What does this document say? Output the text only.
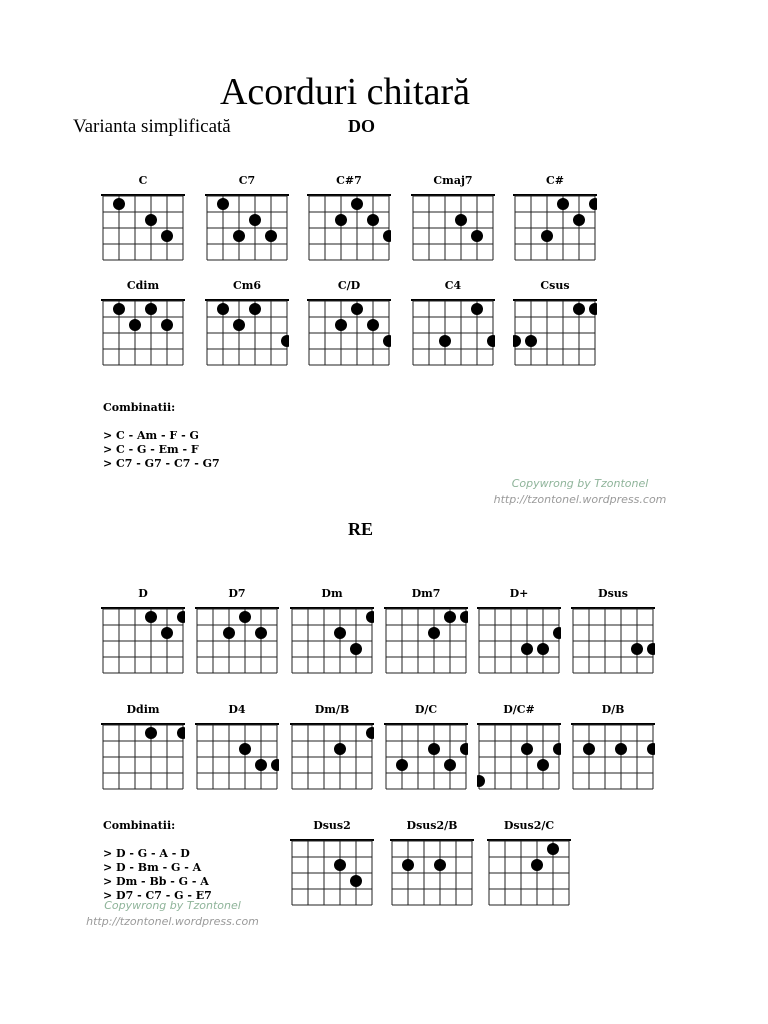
Acorduri chitară
Varianta simplificată	DO
RE
C	C7	C#7	Cmaj7	C#
Cdim	Cm6	C/D	C4	Csus
D	D7	Dm	Dm7	D+	Dsus
Ddim	D4	Dm/B	D/C	D/C#	D/B
Dsus2	Dsus2/B	Dsus2/C
Combinatii:
> C - Am - F - G
> C - G - Em - F
> C7 - G7 - C7 - G7
Copywrong by Tzontonel
http://tzontonel.wordpress.com
Combinatii:
> D - G - A - D
> D - Bm - G - A
> Dm - Bb - G - A
> D7 - C7 - G - E7
Copywrong by Tzontonel
http://tzontonel.wordpress.com
